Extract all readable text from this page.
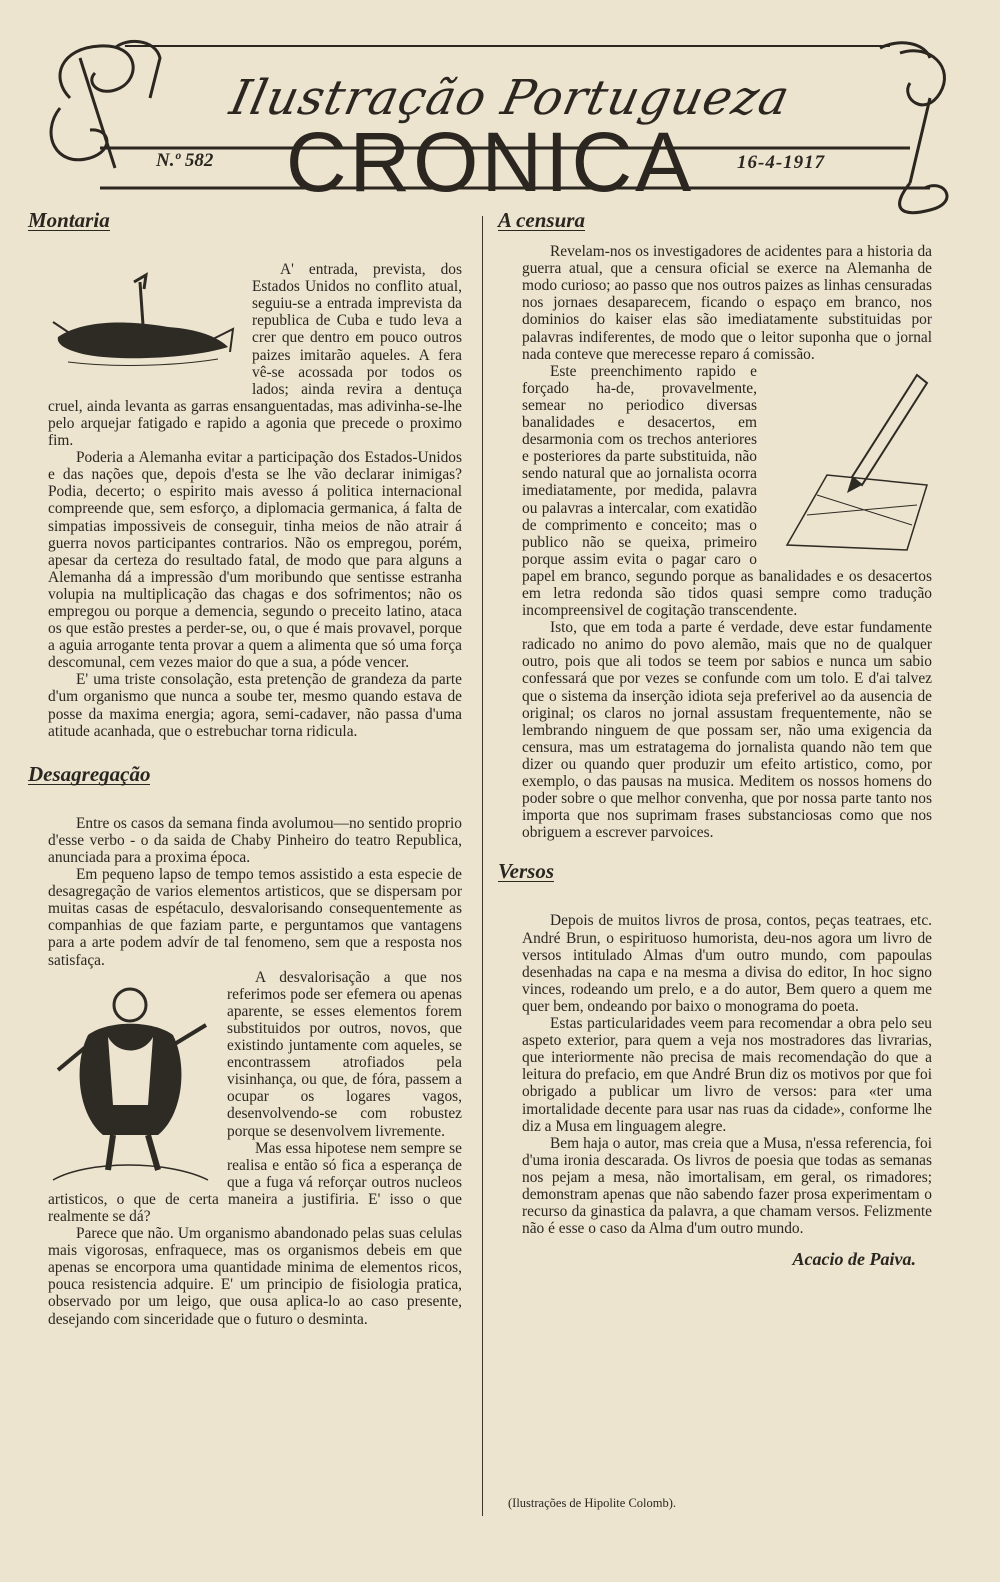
Ilustração Portugueza
CRONICA
N.º 582	16-4-1917
Montaria

A' entrada, prevista, dos Estados Unidos no conflito atual, seguiu-se a entrada imprevista da republica de Cuba e tudo leva a crer que dentro em pouco outros paizes imitarão aqueles. A fera vê-se acossada por todos os lados; ainda revira a dentuça cruel, ainda levanta as garras ensanguentadas, mas adivinha-se-lhe pelo arquejar fatigado e rapido a agonia que precede o proximo fim.

Poderia a Alemanha evitar a participação dos Estados-Unidos e das nações que, depois d'esta se lhe vão declarar inimigas? Podia, decerto; o espirito mais avesso á politica internacional compreende que, sem esforço, a diplomacia germanica, á falta de simpatias impossiveis de conseguir, tinha meios de não atrair á guerra novos participantes contrarios. Não os empregou, porém, apesar da certeza do resultado fatal, de modo que para alguns a Alemanha dá a impressão d'um moribundo que sentisse estranha volupia na multiplicação das chagas e dos sofrimentos; não os empregou ou porque a demencia, segundo o preceito latino, ataca os que estão prestes a perder-se, ou, o que é mais provavel, porque a aguia arrogante tenta provar a quem a alimenta que só uma força descomunal, cem vezes maior do que a sua, a póde vencer.

E' uma triste consolação, esta pretenção de grandeza da parte d'um organismo que nunca a soube ter, mesmo quando estava de posse da maxima energia; agora, semi-cadaver, não passa d'uma atitude acanhada, que o estrebuchar torna ridicula.

Desagregação

Entre os casos da semana finda avolumou—no sentido proprio d'esse verbo - o da saida de Chaby Pinheiro do teatro Republica, anunciada para a proxima época.

Em pequeno lapso de tempo temos assistido a esta especie de desagregação de varios elementos artisticos, que se dispersam por muitas casas de espétaculo, desvalorisando consequentemente as companhias de que faziam parte, e perguntamos que vantagens para a arte podem advír de tal fenomeno, sem que a resposta nos satisfaça.

A desvalorisação a que nos referimos pode ser efemera ou apenas aparente, se esses elementos forem substituidos por outros, novos, que existindo juntamente com aqueles, se encontrassem atrofiados pela visinhança, ou que, de fóra, passem a ocupar os logares vagos, desenvolvendo-se com robustez porque se desenvolvem livremente.

Mas essa hipotese nem sempre se realisa e então só fica a esperança de que a fuga vá reforçar outros nucleos artisticos, o que de certa maneira a justifiria. E' isso o que realmente se dá?

Parece que não. Um organismo abandonado pelas suas celulas mais vigorosas, enfraquece, mas os organismos debeis em que apenas se encorpora uma quantidade minima de elementos ricos, pouca resistencia adquire. E' um principio de fisiologia pratica, observado por um leigo, que ousa aplica-lo ao caso presente, desejando com sinceridade que o futuro o desminta.

A censura

Revelam-nos os investigadores de acidentes para a historia da guerra atual, que a censura oficial se exerce na Alemanha de modo curioso; ao passo que nos outros paizes as linhas censuradas nos jornaes desaparecem, ficando o espaço em branco, nos dominios do kaiser elas são imediatamente substituidas por palavras indiferentes, de modo que o leitor suponha que o jornal nada conteve que merecesse reparo á comissão.

Este preenchimento rapido e forçado ha-de, provavelmente, semear no periodico diversas banalidades e desacertos, em desarmonia com os trechos anteriores e posteriores da parte substituida, não sendo natural que ao jornalista ocorra imediatamente, por medida, palavra ou palavras a intercalar, com exatidão de comprimento e conceito; mas o publico não se queixa, primeiro porque assim evita o pagar caro o papel em branco, segundo porque as banalidades e os desacertos em letra redonda são tidos quasi sempre como tradução incompreensivel de cogitação transcendente.

Isto, que em toda a parte é verdade, deve estar fundamente radicado no animo do povo alemão, mais que no de qualquer outro, pois que ali todos se teem por sabios e nunca um sabio confessará que por vezes se confunde com um tolo. E d'ai talvez que o sistema da inserção idiota seja preferivel ao da ausencia de original; os claros no jornal assustam frequentemente, não se lembrando ninguem de que possam ser, não uma exigencia da censura, mas um estratagema do jornalista quando não tem que dizer ou quando quer produzir um efeito artistico, como, por exemplo, o das pausas na musica. Meditem os nossos homens do poder sobre o que melhor convenha, que por nossa parte tanto nos importa que nos suprimam frases substanciosas como que nos obriguem a escrever parvoices.

Versos

Depois de muitos livros de prosa, contos, peças teatraes, etc. André Brun, o espirituoso humorista, deu-nos agora um livro de versos intitulado Almas d'um outro mundo, com papoulas desenhadas na capa e na mesma a divisa do editor, In hoc signo vinces, rodeando um prelo, e a do autor, Bem quero a quem me quer bem, ondeando por baixo o monograma do poeta.

Estas particularidades veem para recomendar a obra pelo seu aspeto exterior, para quem a veja nos mostradores das livrarias, que interiormente não precisa de mais recomendação do que a leitura do prefacio, em que André Brun diz os motivos por que foi obrigado a publicar um livro de versos: para «ter uma imortalidade decente para usar nas ruas da cidade», conforme lhe diz a Musa em linguagem alegre.

Bem haja o autor, mas creia que a Musa, n'essa referencia, foi d'uma ironia descarada. Os livros de poesia que todas as semanas nos pejam a mesa, não imortalisam, em geral, os rimadores; demonstram apenas que não sabendo fazer prosa experimentam o recurso da ginastica da palavra, a que chamam versos. Felizmente não é esse o caso da Alma d'um outro mundo.

Acacio de Paiva.
(Ilustrações de Hipolite Colomb).
